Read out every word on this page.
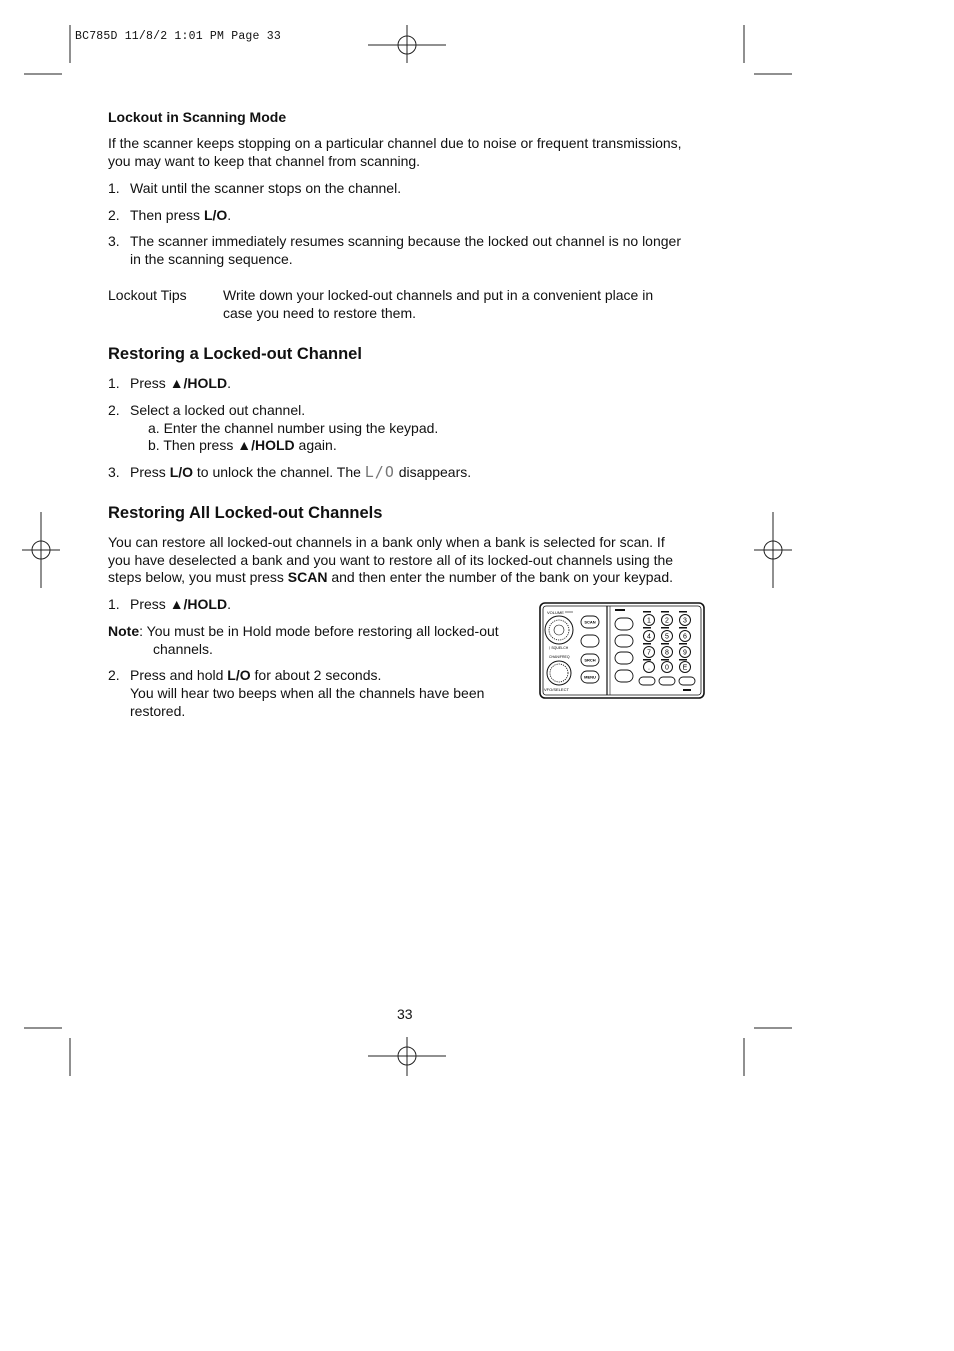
BC785D 11/8/2 1:01 PM Page 33
Lockout in Scanning Mode
If the scanner keeps stopping on a particular channel due to noise or frequent transmissions,
you may want to keep that channel from scanning.
1. Wait until the scanner stops on the channel.
2. Then press L/O.
3. The scanner immediately resumes scanning because the locked out channel is no longer
in the scanning sequence.
Lockout Tips	Write down your locked-out channels and put in a convenient place in
case you need to restore them.
Restoring a Locked-out Channel
1. Press ▲/HOLD.
2. Select a locked out channel.
a. Enter the channel number using the keypad.
b. Then press ▲/HOLD again.
3. Press L/O to unlock the channel. The L/O disappears.
Restoring All Locked-out Channels
You can restore all locked-out channels in a bank only when a bank is selected for scan. If
you have deselected a bank and you want to restore all of its locked-out channels using the
steps below, you must press SCAN and then enter the number of the bank on your keypad.
1. Press ▲/HOLD.
Note: You must be in Hold mode before restoring all locked-out
channels.
2. Press and hold L/O for about 2 seconds.
You will hear two beeps when all the channels have been
restored.
VOLUME
⟩ SQUELCH
CHAN/FREQ
VFO/SELECT
SCAN
SRCH
MENU
1 2 3
4 5 6
7 8 9
. 0 E
33
